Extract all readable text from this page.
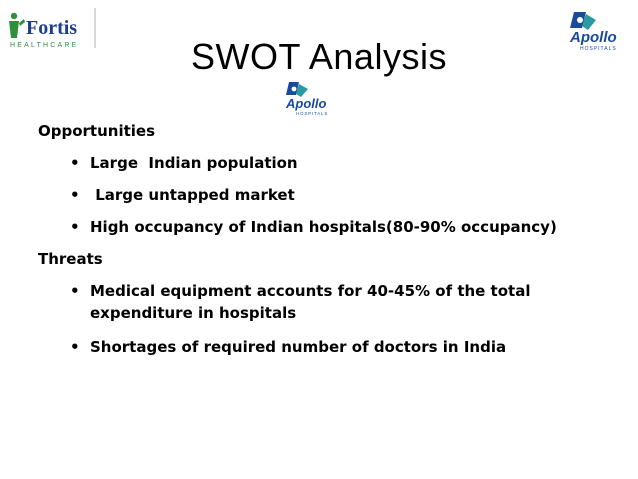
Fortis
HEALTHCARE	Apollo
HOSPITALS
SWOT Analysis
Apollo
HOSPITALS
Opportunities
• Large  Indian population
• Large untapped market
• High occupancy of Indian hospitals(80-90% occupancy)
Threats
• Medical equipment accounts for 40-45% of the total expenditure in hospitals
• Shortages of required number of doctors in India
